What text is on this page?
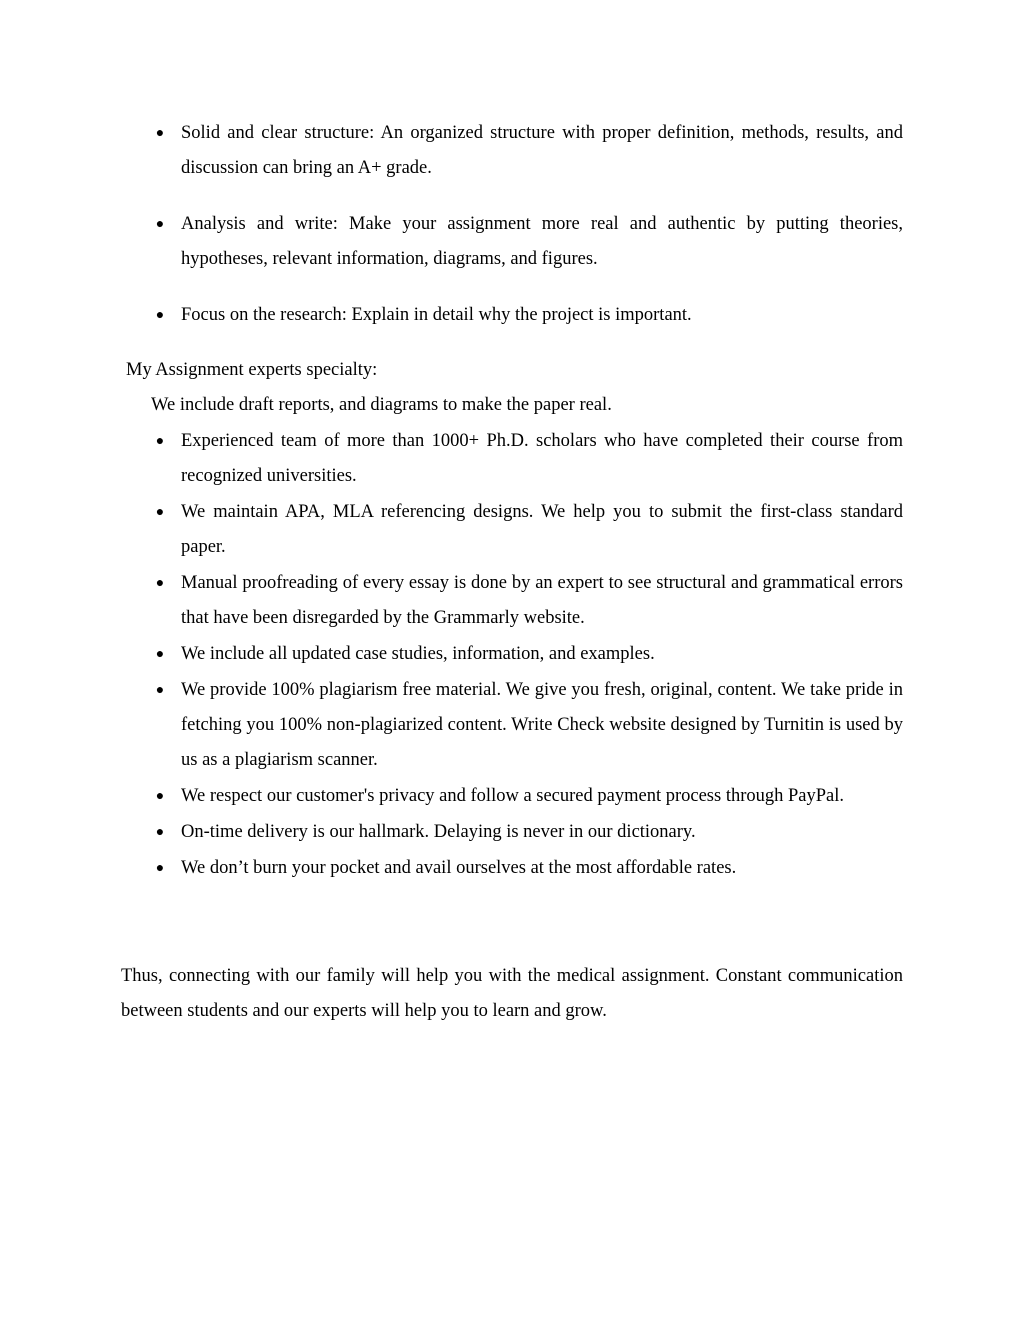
● Solid and clear structure: An organized structure with proper definition, methods, results, and discussion can bring an A+ grade.
● Analysis and write: Make your assignment more real and authentic by putting theories, hypotheses, relevant information, diagrams, and figures.
● Focus on the research: Explain in detail why the project is important.
My Assignment experts specialty:
We include draft reports, and diagrams to make the paper real.
● Experienced team of more than 1000+ Ph.D. scholars who have completed their course from recognized universities.
● We maintain APA, MLA referencing designs. We help you to submit the first-class standard paper.
● Manual proofreading of every essay is done by an expert to see structural and grammatical errors that have been disregarded by the Grammarly website.
● We include all updated case studies, information, and examples.
● We provide 100% plagiarism free material. We give you fresh, original, content. We take pride in fetching you 100% non-plagiarized content. Write Check website designed by Turnitin is used by us as a plagiarism scanner.
● We respect our customer's privacy and follow a secured payment process through PayPal.
● On-time delivery is our hallmark. Delaying is never in our dictionary.
● We don’t burn your pocket and avail ourselves at the most affordable rates.

Thus, connecting with our family will help you with the medical assignment. Constant communication between students and our experts will help you to learn and grow.
